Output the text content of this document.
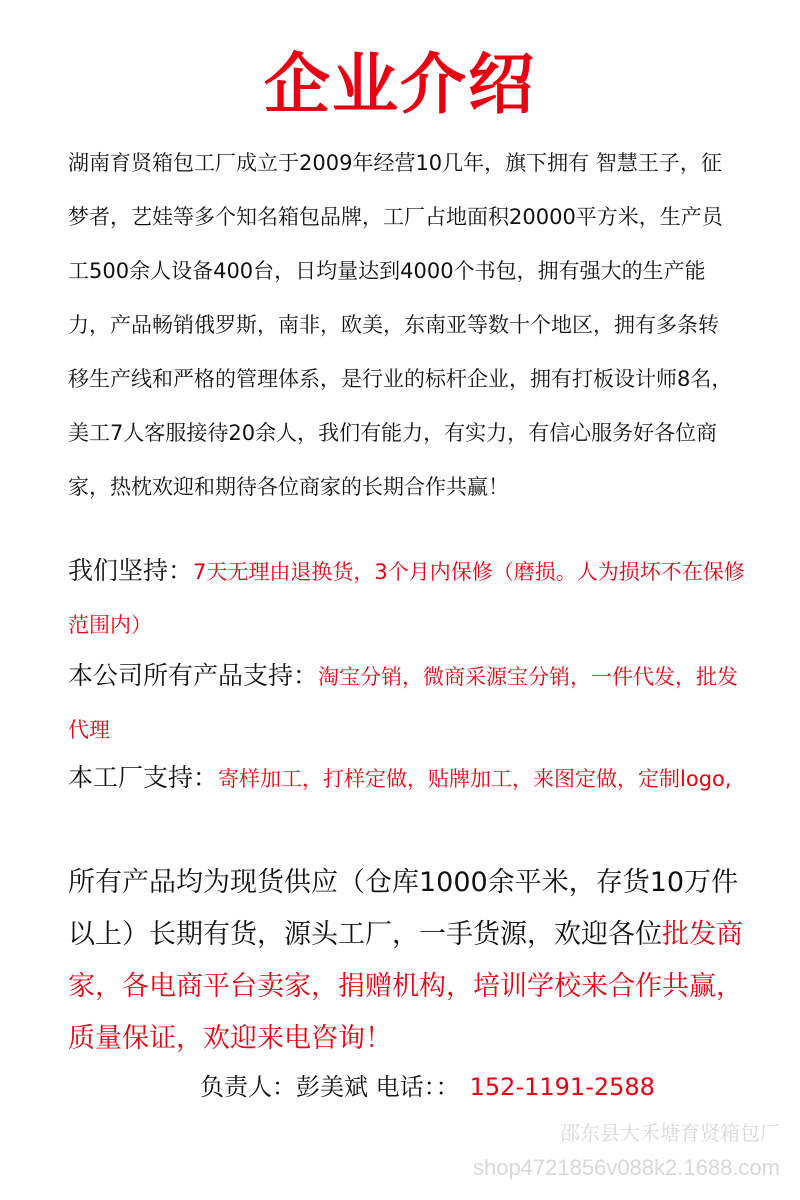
企业介绍
湖南育贤箱包工厂成立于2009年经营10几年，旗下拥有 智慧王子，征梦者，艺娃等多个知名箱包品牌，工厂占地面积20000平方米，生产员工500余人设备400台，日均量达到4000个书包，拥有强大的生产能力，产品畅销俄罗斯，南非，欧美，东南亚等数十个地区，拥有多条转移生产线和严格的管理体系，是行业的标杆企业，拥有打板设计师8名，美工7人客服接待20余人，我们有能力，有实力，有信心服务好各位商家，热枕欢迎和期待各位商家的长期合作共赢！
我们坚持：7天无理由退换货，3个月内保修（磨损。人为损坏不在保修范围内）
本公司所有产品支持：淘宝分销，微商采源宝分销，一件代发，批发代理
本工厂支持：寄样加工，打样定做，贴牌加工，来图定做，定制logo,
所有产品均为现货供应（仓库1000余平米，存货10万件以上）长期有货，源头工厂，一手货源，欢迎各位批发商家，各电商平台卖家，捐赠机构，培训学校来合作共赢，质量保证，欢迎来电咨询！
负责人：彭美斌 电话：： 152-1191-2588
邵东县大禾塘育贤箱包厂
shop4721856v088k2.1688.com
